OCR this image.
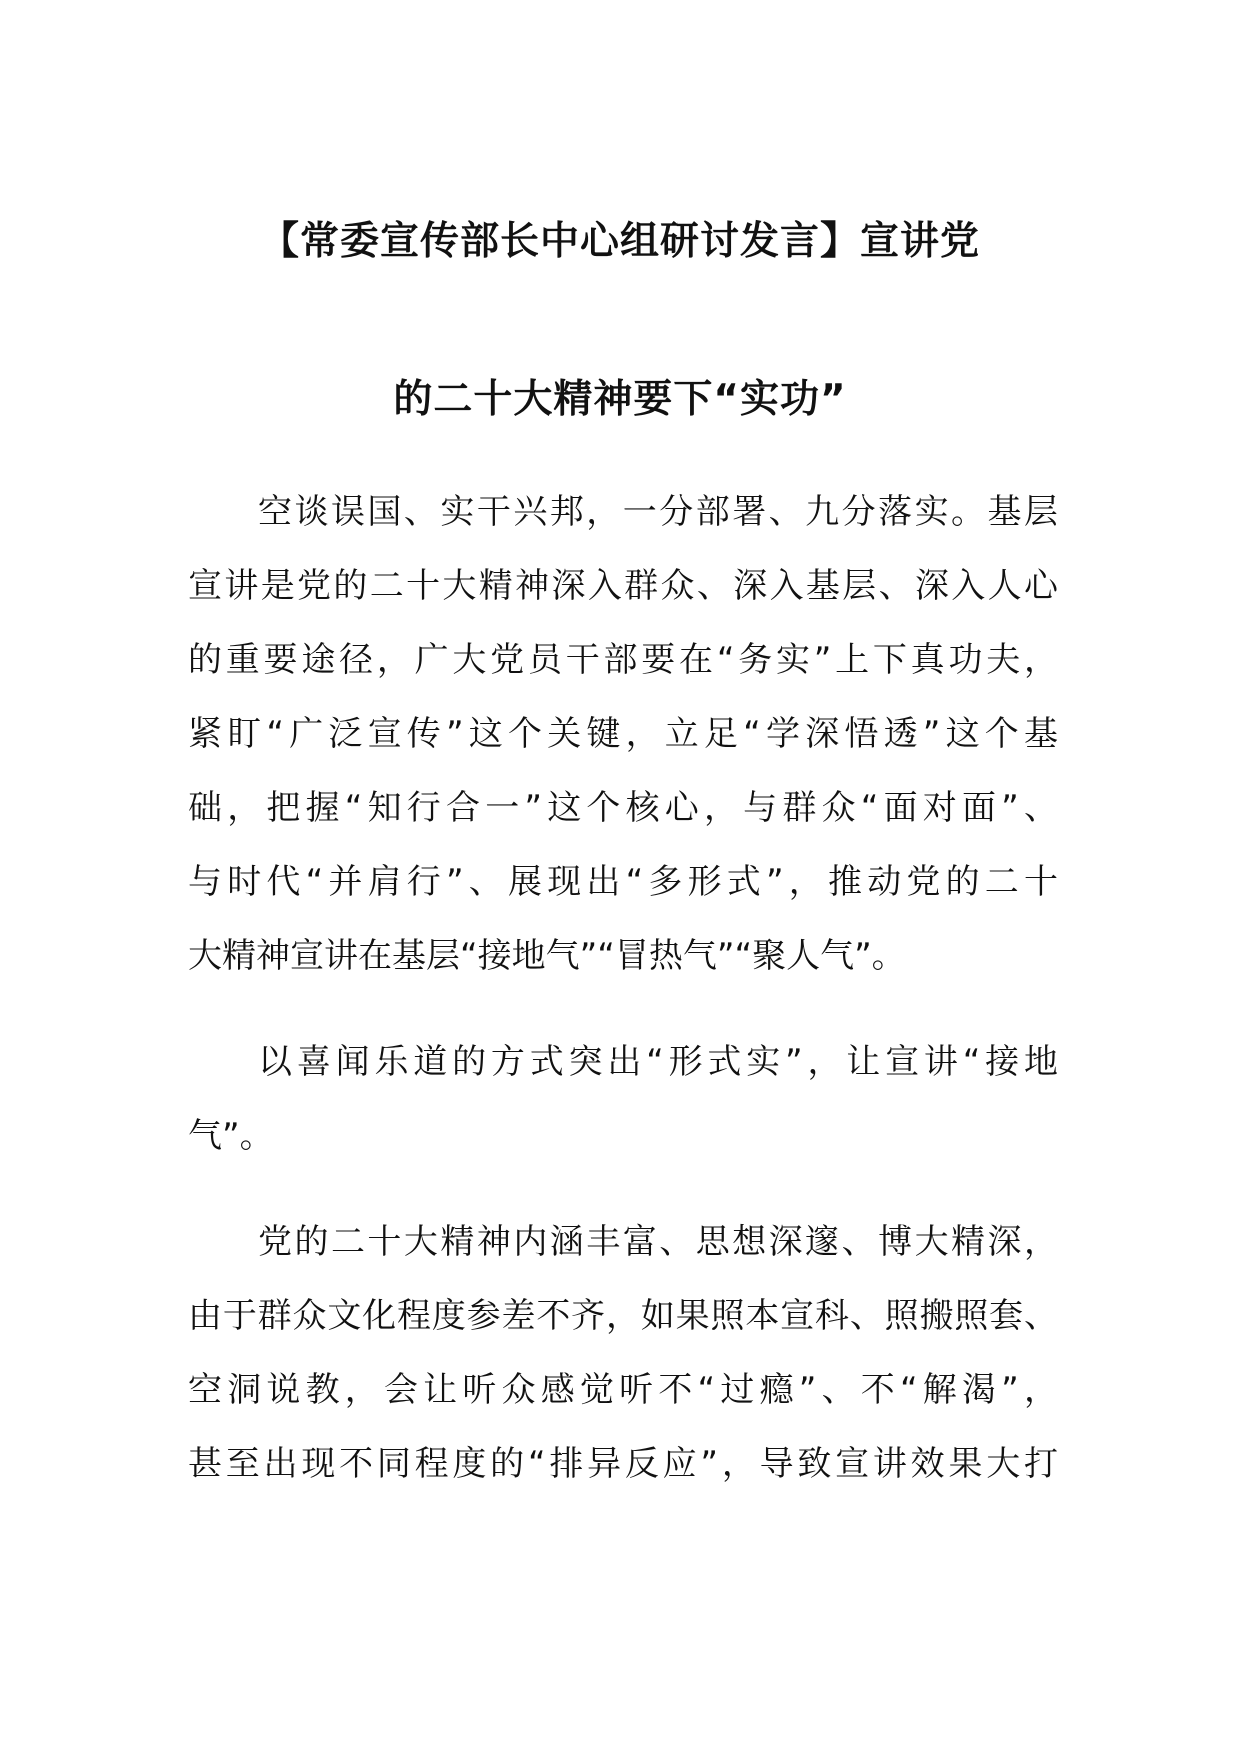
【常委宣传部长中心组研讨发言】宣讲党
的二十大精神要下“实功”
空谈误国、实干兴邦，一分部署、九分落实。基层
宣讲是党的二十大精神深入群众、深入基层、深入人心
的重要途径，广大党员干部要在“务实”上下真功夫，
紧盯“广泛宣传”这个关键，立足“学深悟透”这个基
础，把握“知行合一”这个核心，与群众“面对面”、
与时代“并肩行”、展现出“多形式”，推动党的二十
大精神宣讲在基层“接地气”“冒热气”“聚人气”。
以喜闻乐道的方式突出“形式实”，让宣讲“接地
气”。
党的二十大精神内涵丰富、思想深邃、博大精深，
由于群众文化程度参差不齐，如果照本宣科、照搬照套、
空洞说教，会让听众感觉听不“过瘾”、不“解渴”，
甚至出现不同程度的“排异反应”，导致宣讲效果大打
